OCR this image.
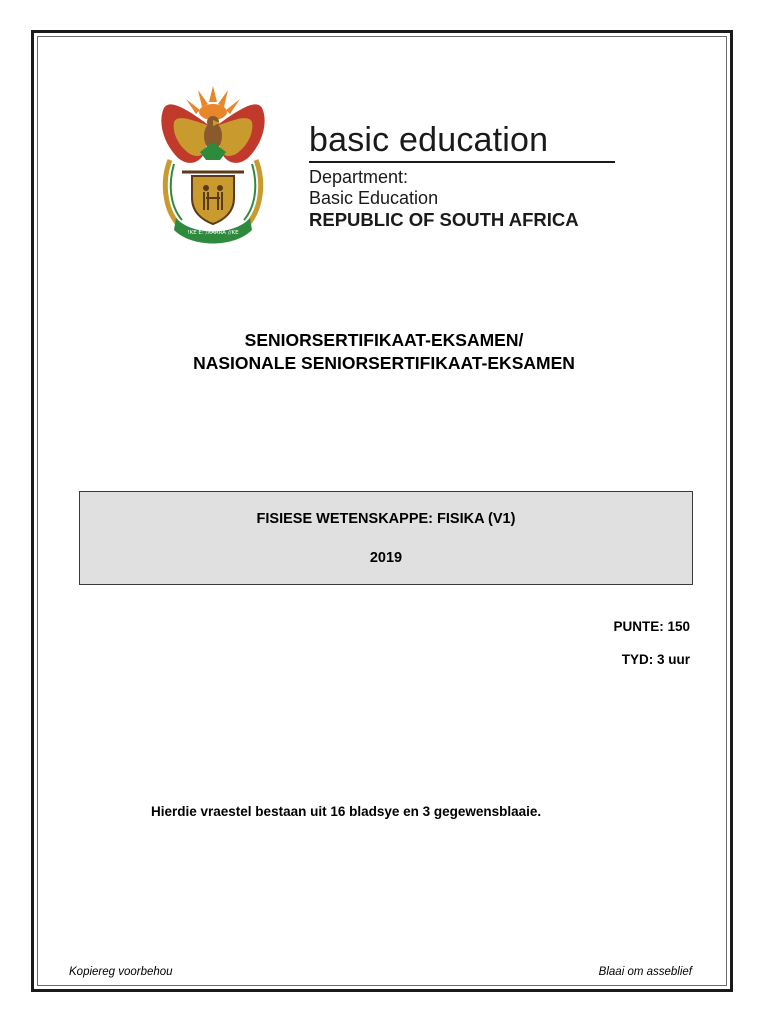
!KE E: /XARRA //KE
basic education
Department:
Basic Education
REPUBLIC OF SOUTH AFRICA
SENIORSERTIFIKAAT-EKSAMEN/
NASIONALE SENIORSERTIFIKAAT-EKSAMEN
FISIESE WETENSKAPPE: FISIKA (V1)
2019
PUNTE: 150
TYD: 3 uur
Hierdie vraestel bestaan uit 16 bladsye en 3 gegewensblaaie.
Kopiereg voorbehou	Blaai om asseblief
